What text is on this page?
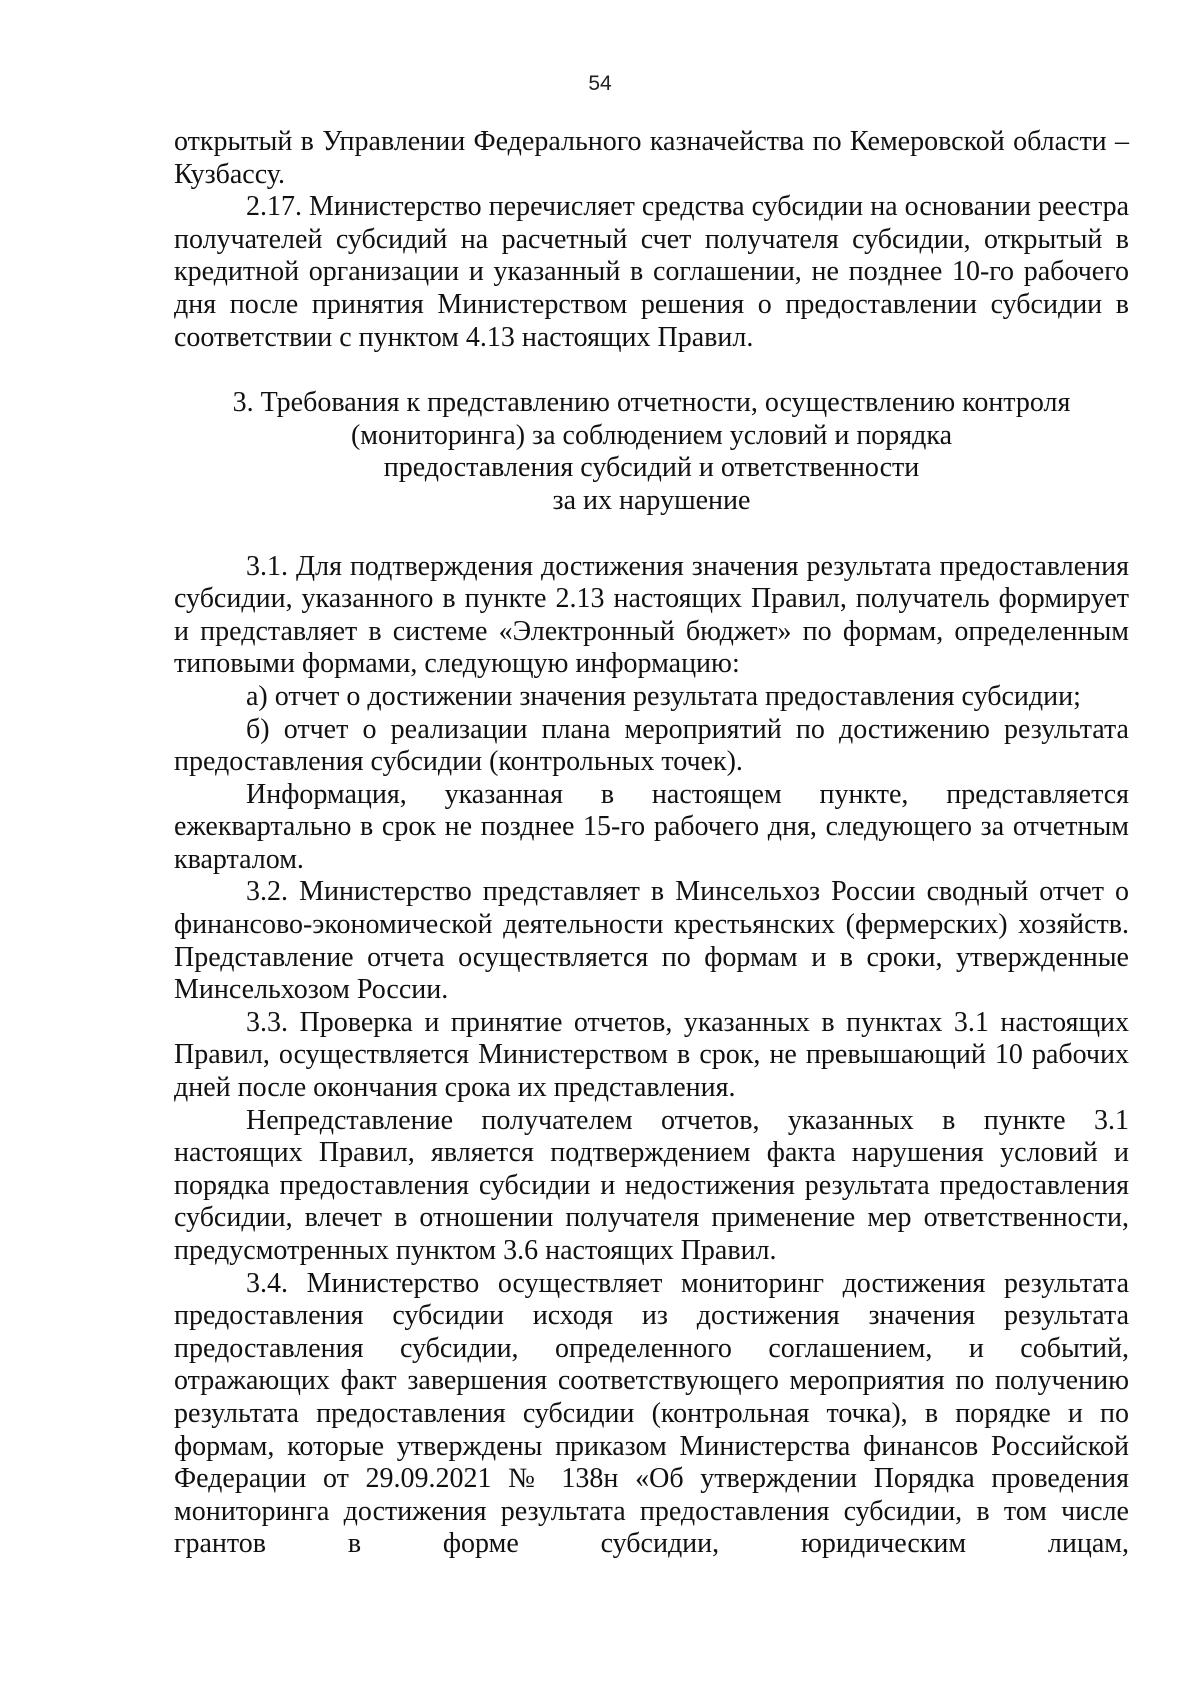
54

открытый в Управлении Федерального казначейства по Кемеровской области – Кузбассу.

2.17. Министерство перечисляет средства субсидии на основании реестра получателей субсидий на расчетный счет получателя субсидии, открытый в кредитной организации и указанный в соглашении, не позднее 10-го рабочего дня после принятия Министерством решения о предоставлении субсидии в соответствии с пунктом 4.13 настоящих Правил.

3. Требования к представлению отчетности, осуществлению контроля
(мониторинга) за соблюдением условий и порядка
предоставления субсидий и ответственности
за их нарушение

3.1. Для подтверждения достижения значения результата предоставления субсидии, указанного в пункте 2.13 настоящих Правил, получатель формирует и представляет в системе «Электронный бюджет» по формам, определенным типовыми формами, следующую информацию:

а) отчет о достижении значения результата предоставления субсидии;

б) отчет о реализации плана мероприятий по достижению результата предоставления субсидии (контрольных точек).

Информация, указанная в настоящем пункте, представляется ежеквартально в срок не позднее 15-го рабочего дня, следующего за отчетным кварталом.

3.2. Министерство представляет в Минсельхоз России сводный отчет о финансово-экономической деятельности крестьянских (фермерских) хозяйств. Представление отчета осуществляется по формам и в сроки, утвержденные Минсельхозом России.

3.3. Проверка и принятие отчетов, указанных в пунктах 3.1 настоящих Правил, осуществляется Министерством в срок, не превышающий 10 рабочих дней после окончания срока их представления.

Непредставление получателем отчетов, указанных в пункте 3.1 настоящих Правил, является подтверждением факта нарушения условий и порядка предоставления субсидии и недостижения результата предоставления субсидии, влечет в отношении получателя применение мер ответственности, предусмотренных пунктом 3.6 настоящих Правил.

3.4. Министерство осуществляет мониторинг достижения результата предоставления субсидии исходя из достижения значения результата предоставления субсидии, определенного соглашением, и событий, отражающих факт завершения соответствующего мероприятия по получению результата предоставления субсидии (контрольная точка), в порядке и по формам, которые утверждены приказом Министерства финансов Российской Федерации от 29.09.2021 № 138н «Об утверждении Порядка проведения мониторинга достижения результата предоставления субсидии, в том числе грантов в форме субсидии, юридическим лицам,
